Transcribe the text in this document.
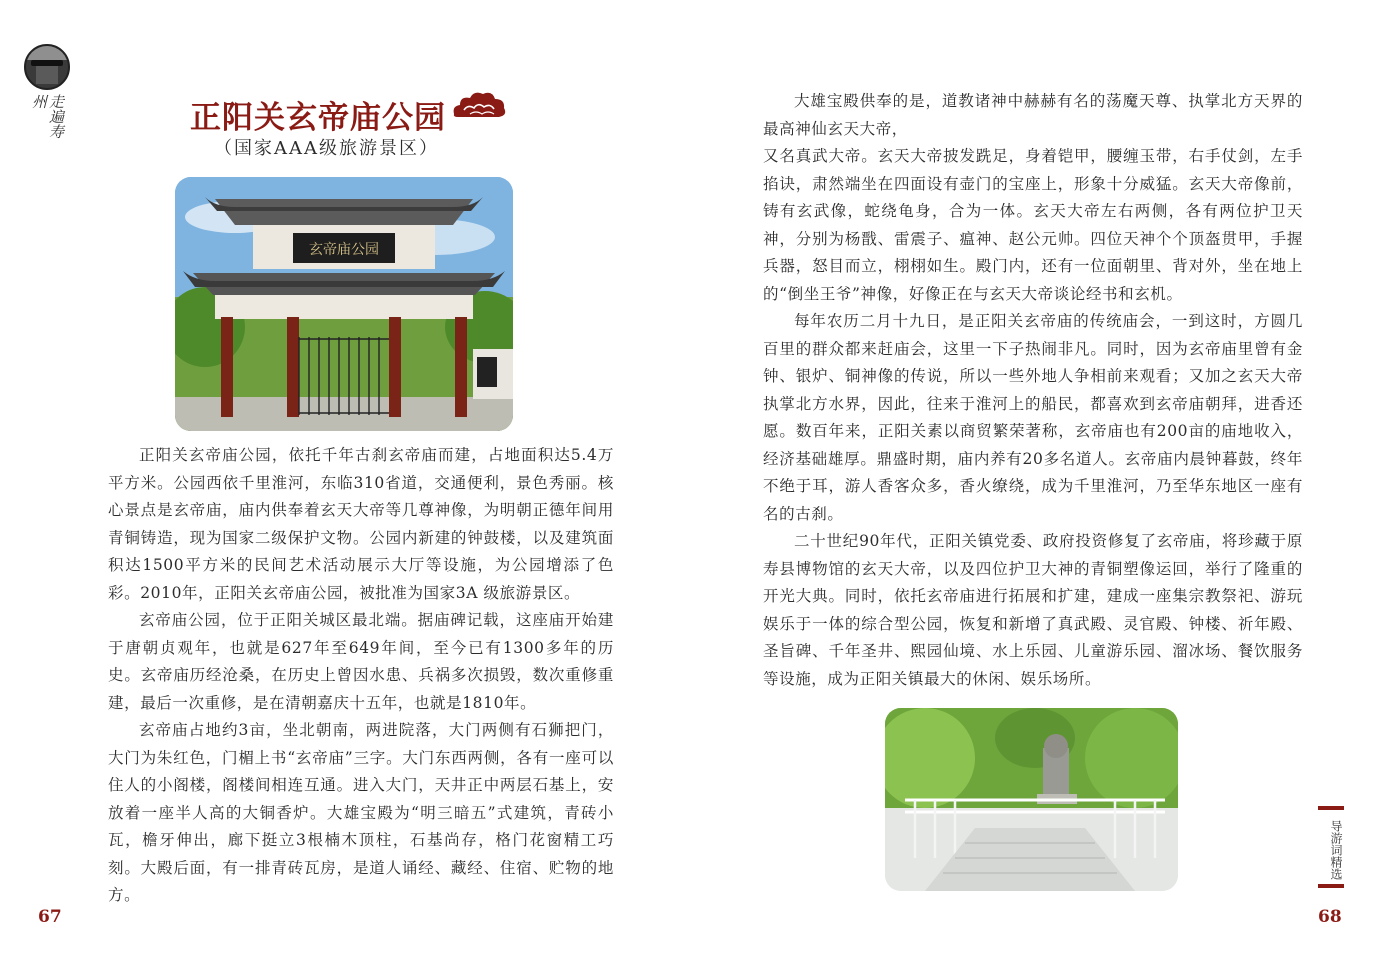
走遍寿州	正阳关玄帝庙公园
（国家AAA级旅游景区）
玄帝庙公园

正阳关玄帝庙公园，依托千年古刹玄帝庙而建，占地面积达5.4万平方米。公园西依千里淮河，东临310省道，交通便利，景色秀丽。核心景点是玄帝庙，庙内供奉着玄天大帝等几尊神像，为明朝正德年间用青铜铸造，现为国家二级保护文物。公园内新建的钟鼓楼，以及建筑面积达1500平方米的民间艺术活动展示大厅等设施，为公园增添了色彩。2010年，正阳关玄帝庙公园，被批准为国家3A 级旅游景区。

玄帝庙公园，位于正阳关城区最北端。据庙碑记载，这座庙开始建于唐朝贞观年，也就是627年至649年间，至今已有1300多年的历史。玄帝庙历经沧桑，在历史上曾因水患、兵祸多次损毁，数次重修重建，最后一次重修，是在清朝嘉庆十五年，也就是1810年。

玄帝庙占地约3亩，坐北朝南，两进院落，大门两侧有石狮把门，大门为朱红色，门楣上书“玄帝庙”三字。大门东西两侧，各有一座可以住人的小阁楼，阁楼间相连互通。进入大门，天井正中两层石基上，安放着一座半人高的大铜香炉。大雄宝殿为“明三暗五”式建筑，青砖小瓦，檐牙伸出，廊下挺立3根楠木顶柱，石基尚存，格门花窗精工巧刻。大殿后面，有一排青砖瓦房，是道人诵经、藏经、住宿、贮物的地方。

大雄宝殿供奉的是，道教诸神中赫赫有名的荡魔天尊、执掌北方天界的最高神仙玄天大帝，

又名真武大帝。玄天大帝披发跣足，身着铠甲，腰缠玉带，右手仗剑，左手掐诀，肃然端坐在四面设有壶门的宝座上，形象十分威猛。玄天大帝像前，铸有玄武像，蛇绕龟身，合为一体。玄天大帝左右两侧，各有两位护卫天神，分别为杨戬、雷震子、瘟神、赵公元帅。四位天神个个顶盔贯甲，手握兵器，怒目而立，栩栩如生。殿门内，还有一位面朝里、背对外，坐在地上的“倒坐王爷”神像，好像正在与玄天大帝谈论经书和玄机。

每年农历二月十九日，是正阳关玄帝庙的传统庙会，一到这时，方圆几百里的群众都来赶庙会，这里一下子热闹非凡。同时，因为玄帝庙里曾有金钟、银炉、铜神像的传说，所以一些外地人争相前来观看；又加之玄天大帝执掌北方水界，因此，往来于淮河上的船民，都喜欢到玄帝庙朝拜，进香还愿。数百年来，正阳关素以商贸繁荣著称，玄帝庙也有200亩的庙地收入，经济基础雄厚。鼎盛时期，庙内养有20多名道人。玄帝庙内晨钟暮鼓，终年不绝于耳，游人香客众多，香火缭绕，成为千里淮河，乃至华东地区一座有名的古刹。

二十世纪90年代，正阳关镇党委、政府投资修复了玄帝庙，将珍藏于原寿县博物馆的玄天大帝，以及四位护卫大神的青铜塑像运回，举行了隆重的开光大典。同时，依托玄帝庙进行拓展和扩建，建成一座集宗教祭祀、游玩娱乐于一体的综合型公园，恢复和新增了真武殿、灵官殿、钟楼、祈年殿、圣旨碑、千年圣井、熙园仙境、水上乐园、儿童游乐园、溜冰场、餐饮服务等设施，成为正阳关镇最大的休闲、娱乐场所。

导游词精选
67	68
